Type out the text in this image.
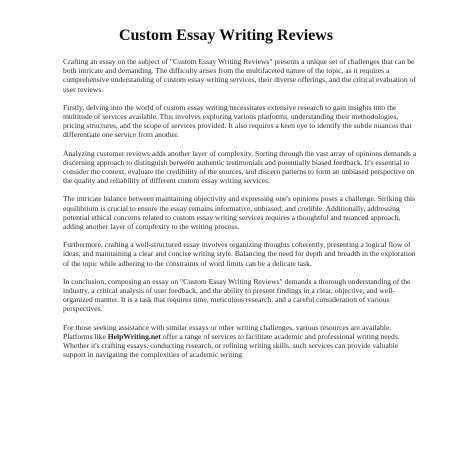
Custom Essay Writing Reviews

Crafting an essay on the subject of "Custom Essay Writing Reviews" presents a unique set of challenges that can be both intricate and demanding. The difficulty arises from the multifaceted nature of the topic, as it requires a comprehensive understanding of custom essay writing services, their diverse offerings, and the critical evaluation of user reviews.

Firstly, delving into the world of custom essay writing necessitates extensive research to gain insights into the multitude of services available. This involves exploring various platforms, understanding their methodologies, pricing structures, and the scope of services provided. It also requires a keen eye to identify the subtle nuances that differentiate one service from another.

Analyzing customer reviews adds another layer of complexity. Sorting through the vast array of opinions demands a discerning approach to distinguish between authentic testimonials and potentially biased feedback. It's essential to consider the context, evaluate the credibility of the sources, and discern patterns to form an unbiased perspective on the quality and reliability of different custom essay writing services.

The intricate balance between maintaining objectivity and expressing one's opinions poses a challenge. Striking this equilibrium is crucial to ensure the essay remains informative, unbiased, and credible. Additionally, addressing potential ethical concerns related to custom essay writing services requires a thoughtful and nuanced approach, adding another layer of complexity to the writing process.

Furthermore, crafting a well-structured essay involves organizing thoughts coherently, presenting a logical flow of ideas, and maintaining a clear and concise writing style. Balancing the need for depth and breadth in the exploration of the topic while adhering to the constraints of word limits can be a delicate task.

In conclusion, composing an essay on "Custom Essay Writing Reviews" demands a thorough understanding of the industry, a critical analysis of user feedback, and the ability to present findings in a clear, objective, and well-organized manner. It is a task that requires time, meticulous research, and a careful consideration of various perspectives.

For those seeking assistance with similar essays or other writing challenges, various resources are available. Platforms like HelpWriting.net offer a range of services to facilitate academic and professional writing needs. Whether it's crafting essays, conducting research, or refining writing skills, such services can provide valuable support in navigating the complexities of academic writing.
